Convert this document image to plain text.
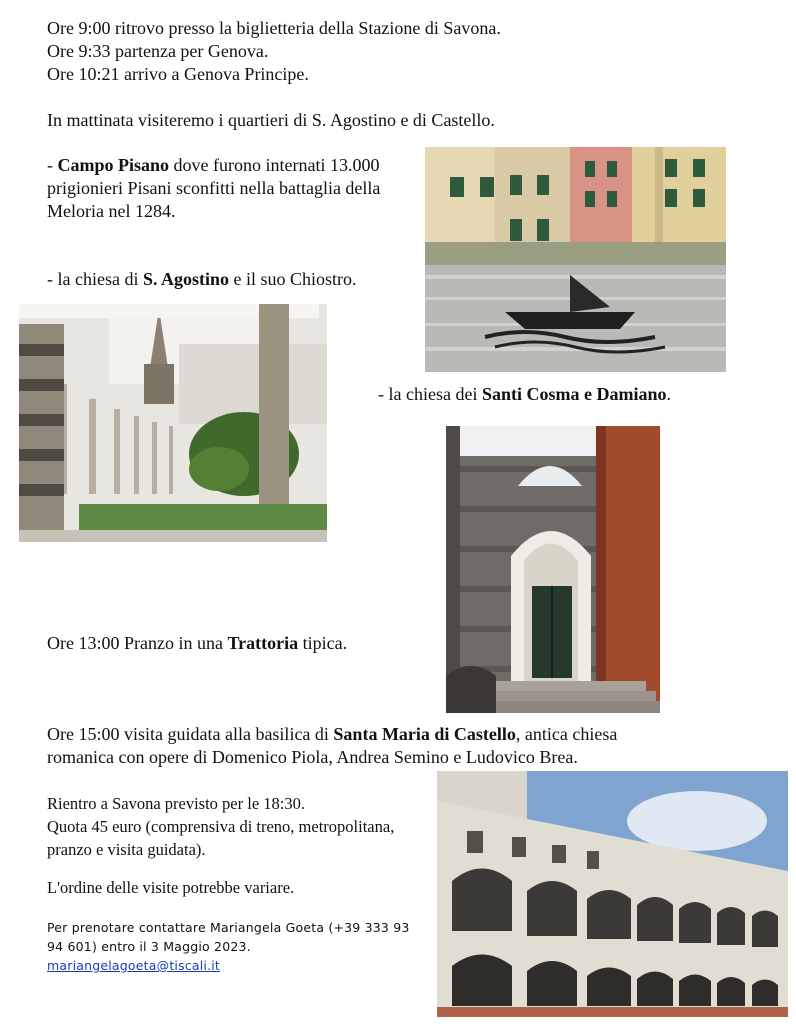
Ore 9:00 ritrovo presso la biglietteria della Stazione di Savona.
Ore 9:33 partenza per Genova.
Ore 10:21 arrivo a Genova Principe.
In mattinata visiteremo i quartieri di S. Agostino e di Castello.
- Campo Pisano dove furono internati 13.000
prigionieri Pisani sconfitti nella battaglia della
Meloria nel 1284.
- la chiesa di S. Agostino e il suo Chiostro.
- la chiesa dei Santi Cosma e Damiano.
Ore 13:00 Pranzo in una Trattoria tipica.
Ore 15:00 visita guidata alla basilica di Santa Maria di Castello, antica chiesa
romanica con opere di Domenico Piola, Andrea Semino e Ludovico Brea.
Rientro a Savona previsto per le 18:30.
Quota 45 euro (comprensiva di treno, metropolitana,
pranzo e visita guidata).
L'ordine delle visite potrebbe variare.
Per prenotare contattare Mariangela Goeta (+39 333 93
94 601) entro il 3 Maggio 2023.
mariangelagoeta@tiscali.it
